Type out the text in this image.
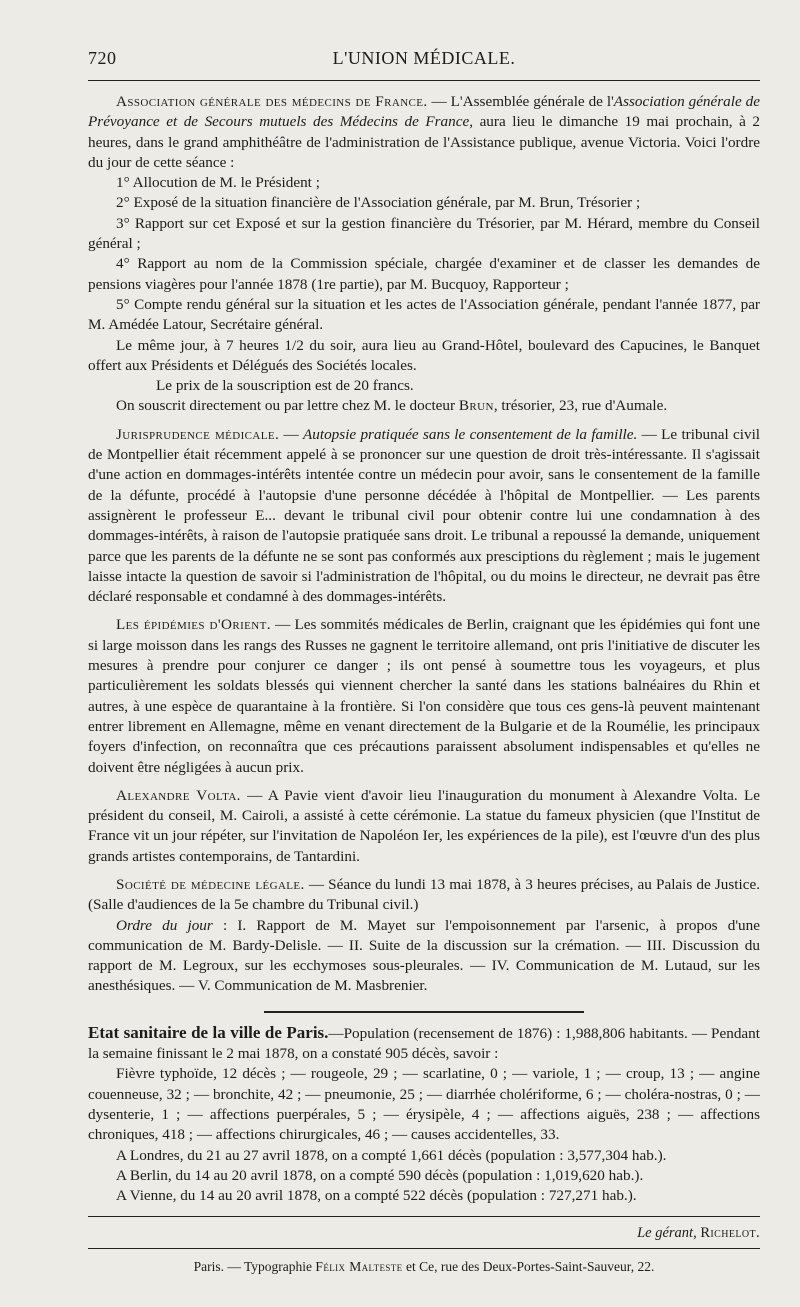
720	L'UNION MÉDICALE.

Association générale des médecins de France. — L'Assemblée générale de l'Association générale de Prévoyance et de Secours mutuels des Médecins de France, aura lieu le dimanche 19 mai prochain, à 2 heures, dans le grand amphithéâtre de l'administration de l'Assistance publique, avenue Victoria. Voici l'ordre du jour de cette séance :

1° Allocution de M. le Président ;

2° Exposé de la situation financière de l'Association générale, par M. Brun, Trésorier ;

3° Rapport sur cet Exposé et sur la gestion financière du Trésorier, par M. Hérard, membre du Conseil général ;

4° Rapport au nom de la Commission spéciale, chargée d'examiner et de classer les demandes de pensions viagères pour l'année 1878 (1re partie), par M. Bucquoy, Rapporteur ;

5° Compte rendu général sur la situation et les actes de l'Association générale, pendant l'année 1877, par M. Amédée Latour, Secrétaire général.

Le même jour, à 7 heures 1/2 du soir, aura lieu au Grand-Hôtel, boulevard des Capucines, le Banquet offert aux Présidents et Délégués des Sociétés locales.

Le prix de la souscription est de 20 francs.

On souscrit directement ou par lettre chez M. le docteur Brun, trésorier, 23, rue d'Aumale.

Jurisprudence médicale. — Autopsie pratiquée sans le consentement de la famille. — Le tribunal civil de Montpellier était récemment appelé à se prononcer sur une question de droit très-intéressante. Il s'agissait d'une action en dommages-intérêts intentée contre un médecin pour avoir, sans le consentement de la famille de la défunte, procédé à l'autopsie d'une personne décédée à l'hôpital de Montpellier. — Les parents assignèrent le professeur E... devant le tribunal civil pour obtenir contre lui une condamnation à des dommages-intérêts, à raison de l'autopsie pratiquée sans droit. Le tribunal a repoussé la demande, uniquement parce que les parents de la défunte ne se sont pas conformés aux presciptions du règlement ; mais le jugement laisse intacte la question de savoir si l'administration de l'hôpital, ou du moins le directeur, ne devrait pas être déclaré responsable et condamné à des dommages-intérêts.

Les épidémies d'Orient. — Les sommités médicales de Berlin, craignant que les épidémies qui font une si large moisson dans les rangs des Russes ne gagnent le territoire allemand, ont pris l'initiative de discuter les mesures à prendre pour conjurer ce danger ; ils ont pensé à soumettre tous les voyageurs, et plus particulièrement les soldats blessés qui viennent chercher la santé dans les stations balnéaires du Rhin et autres, à une espèce de quarantaine à la frontière. Si l'on considère que tous ces gens-là peuvent maintenant entrer librement en Allemagne, même en venant directement de la Bulgarie et de la Roumélie, les principaux foyers d'infection, on reconnaîtra que ces précautions paraissent absolument indispensables et qu'elles ne doivent être négligées à aucun prix.

Alexandre Volta. — A Pavie vient d'avoir lieu l'inauguration du monument à Alexandre Volta. Le président du conseil, M. Cairoli, a assisté à cette cérémonie. La statue du fameux physicien (que l'Institut de France vit un jour répéter, sur l'invitation de Napoléon Ier, les expériences de la pile), est l'œuvre d'un des plus grands artistes contemporains, de Tantardini.

Société de médecine légale. — Séance du lundi 13 mai 1878, à 3 heures précises, au Palais de Justice. (Salle d'audiences de la 5e chambre du Tribunal civil.)

Ordre du jour : I. Rapport de M. Mayet sur l'empoisonnement par l'arsenic, à propos d'une communication de M. Bardy-Delisle. — II. Suite de la discussion sur la crémation. — III. Discussion du rapport de M. Legroux, sur les ecchymoses sous-pleurales. — IV. Communication de M. Lutaud, sur les anesthésiques. — V. Communication de M. Masbrenier.

Etat sanitaire de la ville de Paris.—Population (recensement de 1876) : 1,988,806 habitants. — Pendant la semaine finissant le 2 mai 1878, on a constaté 905 décès, savoir :

Fièvre typhoïde, 12 décès ; — rougeole, 29 ; — scarlatine, 0 ; — variole, 1 ; — croup, 13 ; — angine couenneuse, 32 ; — bronchite, 42 ; — pneumonie, 25 ; — diarrhée cholériforme, 6 ; — choléra-nostras, 0 ; — dysenterie, 1 ; — affections puerpérales, 5 ; — érysipèle, 4 ; — affections aiguës, 238 ; — affections chroniques, 418 ; — affections chirurgicales, 46 ; — causes accidentelles, 33.

A Londres, du 21 au 27 avril 1878, on a compté 1,661 décès (population : 3,577,304 hab.).

A Berlin, du 14 au 20 avril 1878, on a compté 590 décès (population : 1,019,620 hab.).

A Vienne, du 14 au 20 avril 1878, on a compté 522 décès (population : 727,271 hab.).

Le gérant, Richelot.
Paris. — Typographie Félix Malteste et Ce, rue des Deux-Portes-Saint-Sauveur, 22.
